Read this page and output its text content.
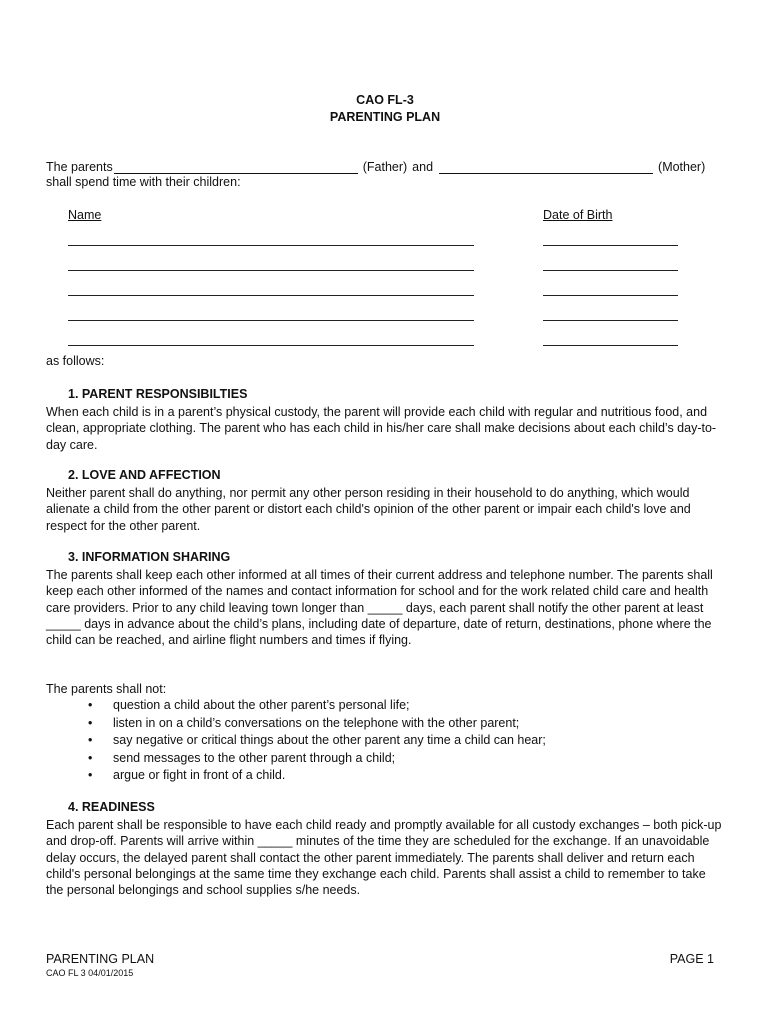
CAO FL-3
PARENTING PLAN
The parents	(Father) and	(Mother)
shall spend time with their children:
Name	Date of Birth
as follows:
1. PARENT RESPONSIBILTIES

When each child is in a parent’s physical custody, the parent will provide each child with regular and nutritious food, and clean, appropriate clothing. The parent who has each child in his/her care shall make decisions about each child’s day-to-day care.

2. LOVE AND AFFECTION

Neither parent shall do anything, nor permit any other person residing in their household to do anything, which would alienate a child from the other parent or distort each child's opinion of the other parent or impair each child's love and respect for the other parent.

3. INFORMATION SHARING

The parents shall keep each other informed at all times of their current address and telephone number. The parents shall keep each other informed of the names and contact information for school and for the work related child care and health care providers. Prior to any child leaving town longer than _____ days, each parent shall notify the other parent at least _____ days in advance about the child’s plans, including date of departure, date of return, destinations, phone where the child can be reached, and airline flight numbers and times if flying.

The parents shall not:

• question a child about the other parent’s personal life;
• listen in on a child’s conversations on the telephone with the other parent;
• say negative or critical things about the other parent any time a child can hear;
• send messages to the other parent through a child;
• argue or fight in front of a child.
4. READINESS

Each parent shall be responsible to have each child ready and promptly available for all custody exchanges – both pick-up and drop-off. Parents will arrive within _____ minutes of the time they are scheduled for the exchange. If an unavoidable delay occurs, the delayed parent shall contact the other parent immediately. The parents shall deliver and return each child's personal belongings at the same time they exchange each child. Parents shall assist a child to remember to take the personal belongings and school supplies s/he needs.

PARENTING PLAN
CAO FL 3 04/01/2015
PAGE 1
